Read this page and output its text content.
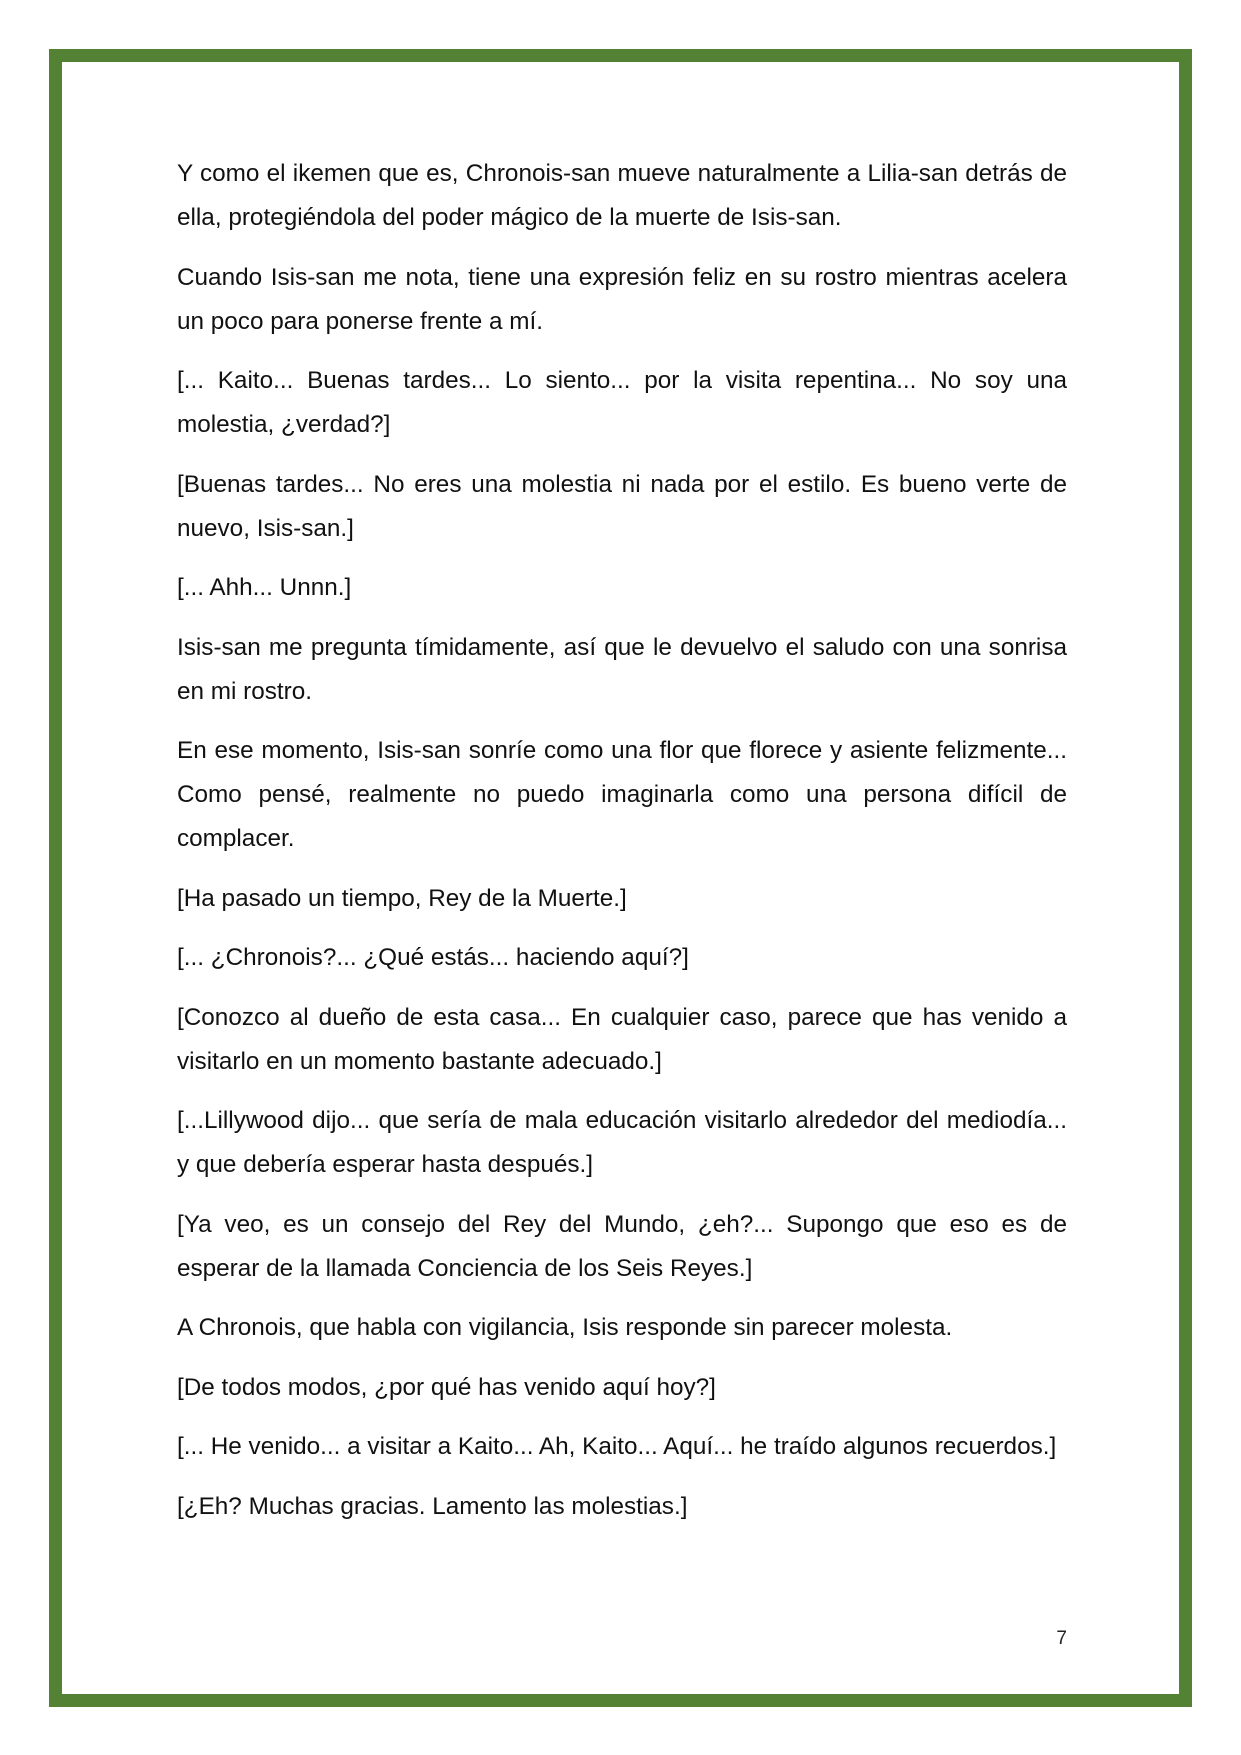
Y como el ikemen que es, Chronois-san mueve naturalmente a Lilia-san detrás de ella, protegiéndola del poder mágico de la muerte de Isis-san.

Cuando Isis-san me nota, tiene una expresión feliz en su rostro mientras acelera un poco para ponerse frente a mí.

[... Kaito... Buenas tardes... Lo siento... por la visita repentina... No soy una molestia, ¿verdad?]

[Buenas tardes... No eres una molestia ni nada por el estilo. Es bueno verte de nuevo, Isis-san.]

[... Ahh... Unnn.]

Isis-san me pregunta tímidamente, así que le devuelvo el saludo con una sonrisa en mi rostro.

En ese momento, Isis-san sonríe como una flor que florece y asiente felizmente... Como pensé, realmente no puedo imaginarla como una persona difícil de complacer.

[Ha pasado un tiempo, Rey de la Muerte.]

[... ¿Chronois?... ¿Qué estás... haciendo aquí?]

[Conozco al dueño de esta casa... En cualquier caso, parece que has venido a visitarlo en un momento bastante adecuado.]

[...Lillywood dijo... que sería de mala educación visitarlo alrededor del mediodía... y que debería esperar hasta después.]

[Ya veo, es un consejo del Rey del Mundo, ¿eh?... Supongo que eso es de esperar de la llamada Conciencia de los Seis Reyes.]

A Chronois, que habla con vigilancia, Isis responde sin parecer molesta.

[De todos modos, ¿por qué has venido aquí hoy?]

[... He venido... a visitar a Kaito... Ah, Kaito... Aquí... he traído algunos recuerdos.]

[¿Eh? Muchas gracias. Lamento las molestias.]

7
